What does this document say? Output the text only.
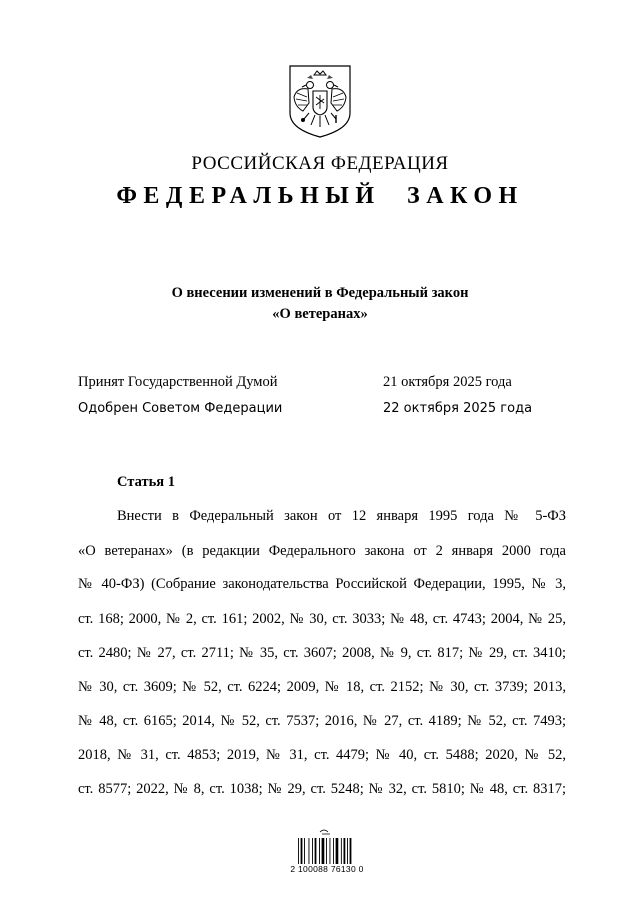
РОССИЙСКАЯ ФЕДЕРАЦИЯ
ФЕДЕРАЛЬНЫЙ ЗАКОН
О внесении изменений в Федеральный закон
«О ветеранах»
Принят Государственной Думой	21 октября 2025 года
Одобрен Советом Федерации	22 октября 2025 года
Статья 1
Внести в Федеральный закон от 12 января 1995 года № 5-ФЗ
«О ветеранах» (в редакции Федерального закона от 2 января 2000 года
№ 40-ФЗ) (Собрание законодательства Российской Федерации, 1995, № 3,
ст. 168; 2000, № 2, ст. 161; 2002, № 30, ст. 3033; № 48, ст. 4743; 2004, № 25,
ст. 2480; № 27, ст. 2711; № 35, ст. 3607; 2008, № 9, ст. 817; № 29, ст. 3410;
№ 30, ст. 3609; № 52, ст. 6224; 2009, № 18, ст. 2152; № 30, ст. 3739; 2013,
№ 48, ст. 6165; 2014, № 52, ст. 7537; 2016, № 27, ст. 4189; № 52, ст. 7493;
2018, № 31, ст. 4853; 2019, № 31, ст. 4479; № 40, ст. 5488; 2020, № 52,
ст. 8577; 2022, № 8, ст. 1038; № 29, ст. 5248; № 32, ст. 5810; № 48, ст. 8317;
2 100088 76130 0
